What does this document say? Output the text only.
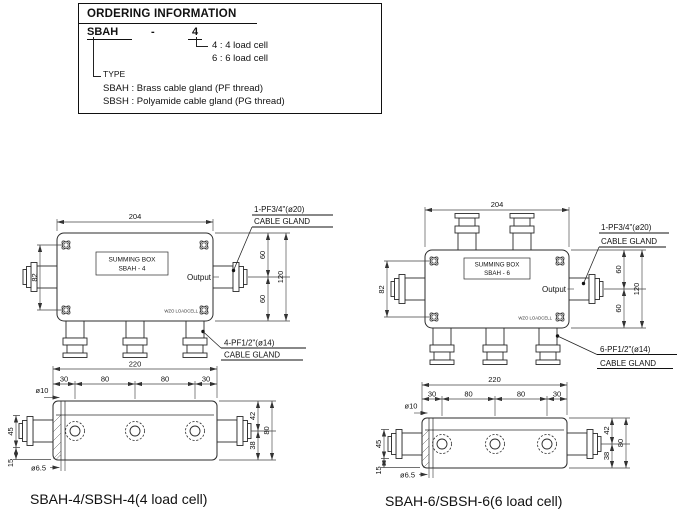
204
SUMMING BOX
SBAH - 4
Output
WZO LOADCELL
82
60
60
120
1-PF3/4"(ø20)
CABLE GLAND
4-PF1/2"(ø14)
CABLE GLAND
220
30	80	80	30
ø10
ø6.5
45
15
42
38
80
SBAH-4/SBSH-4(4 load cell)
204
SUMMING BOX
SBAH - 6
Output
WZO LOADCELL
82
60
60
120
1-PF3/4"(ø20)
CABLE GLAND
6-PF1/2"(ø14)
CABLE GLAND
220
30	80	80	30
ø10
ø6.5
45
15
42
38
80
SBAH-6/SBSH-6(6 load cell)
ORDERING INFORMATION
SBAH	-	4
4 : 4 load cell
6 : 6 load cell
TYPE
SBAH : Brass cable gland (PF thread)
SBSH : Polyamide cable gland (PG thread)
